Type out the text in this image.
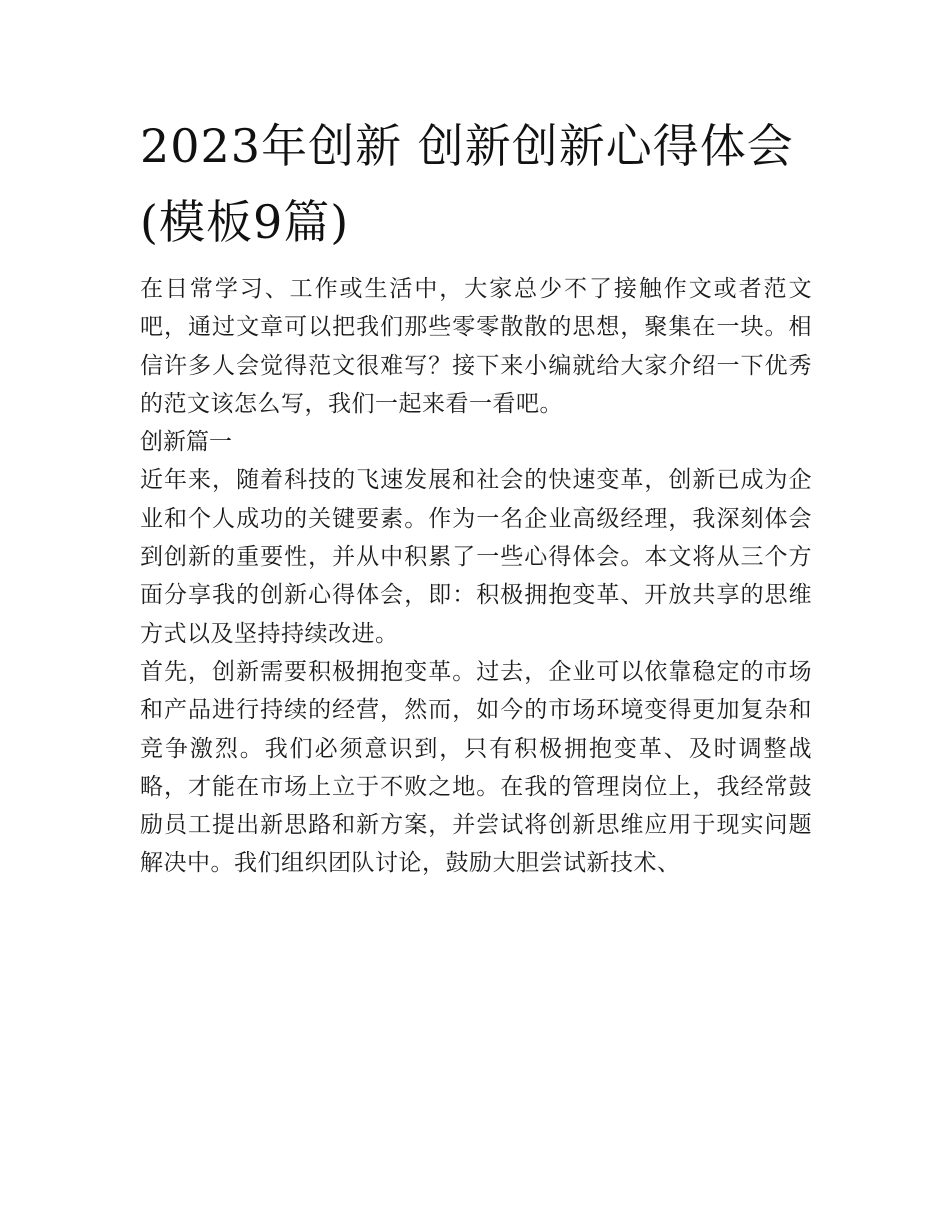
2023年创新 创新创新心得体会(模板9篇)

在日常学习、工作或生活中，大家总少不了接触作文或者范文吧，通过文章可以把我们那些零零散散的思想，聚集在一块。相信许多人会觉得范文很难写？接下来小编就给大家介绍一下优秀的范文该怎么写，我们一起来看一看吧。

创新篇一

近年来，随着科技的飞速发展和社会的快速变革，创新已成为企业和个人成功的关键要素。作为一名企业高级经理，我深刻体会到创新的重要性，并从中积累了一些心得体会。本文将从三个方面分享我的创新心得体会，即：积极拥抱变革、开放共享的思维方式以及坚持持续改进。

首先，创新需要积极拥抱变革。过去，企业可以依靠稳定的市场和产品进行持续的经营，然而，如今的市场环境变得更加复杂和竞争激烈。我们必须意识到，只有积极拥抱变革、及时调整战略，才能在市场上立于不败之地。在我的管理岗位上，我经常鼓励员工提出新思路和新方案，并尝试将创新思维应用于现实问题解决中。我们组织团队讨论，鼓励大胆尝试新技术、
